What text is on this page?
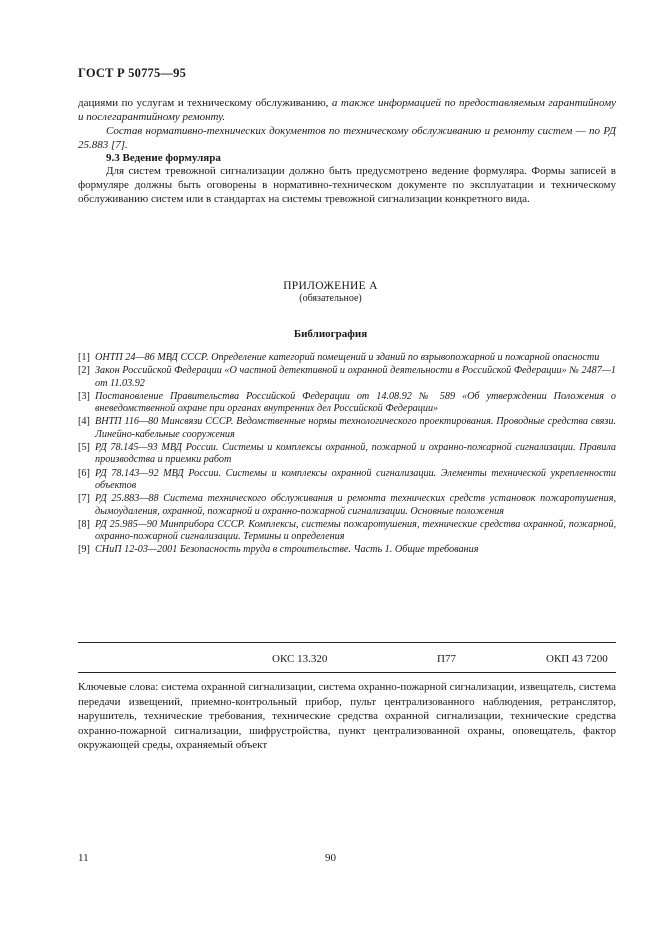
ГОСТ Р 50775—95
дациями по услугам и техническому обслуживанию, а также информацией по предоставляемым гарантийному и послегарантийному ремонту.
Состав нормативно-технических документов по техническому обслуживанию и ремонту систем — по РД 25.883 [7].
9.3 Ведение формуляра
Для систем тревожной сигнализации должно быть предусмотрено ведение формуляра. Формы записей в формуляре должны быть оговорены в нормативно-техническом документе по эксплуатации и техническому обслуживанию систем или в стандартах на системы тревожной сигнализации конкретного вида.
ПРИЛОЖЕНИЕ А
(обязательное)
Библиография
[1] ОНТП 24—86 МВД СССР. Определение категорий помещений и зданий по взрывопожарной и пожарной опасности
[2] Закон Российской Федерации «О частной детективной и охранной деятельности в Российской Федерации» № 2487—1 от 11.03.92
[3] Постановление Правительства Российской Федерации от 14.08.92 № 589 «Об утверждении Положения о вневедомственной охране при органах внутренних дел Российской Федерации»
[4] ВНТП 116—80 Минсвязи СССР. Ведомственные нормы технологического проектирования. Проводные средства связи. Линейно-кабельные сооружения
[5] РД 78.145—93 МВД России. Системы и комплексы охранной, пожарной и охранно-пожарной сигнализации. Правила производства и приемки работ
[6] РД 78.143—92 МВД России. Системы и комплексы охранной сигнализации. Элементы технической укрепленности объектов
[7] РД 25.883—88 Система технического обслуживания и ремонта технических средств установок пожаротушения, дымоудаления, охранной, пожарной и охранно-пожарной сигнализации. Основные положения
[8] РД 25.985—90 Минприбора СССР. Комплексы, системы пожаротушения, технические средства охранной, пожарной, охранно-пожарной сигнализации. Термины и определения
[9] СНиП 12-03—2001 Безопасность труда в строительстве. Часть 1. Общие требования
ОКС 13.320	П77	ОКП 43 7200
Ключевые слова: система охранной сигнализации, система охранно-пожарной сигнализации, извещатель, система передачи извещений, приемно-контрольный прибор, пульт централизованного наблюдения, ретранслятор, нарушитель, технические требования, технические средства охранной сигнализации, технические средства охранно-пожарной сигнализации, шифрустройства, пункт централизованной охраны, оповещатель, фактор окружающей среды, охраняемый объект
11	90
